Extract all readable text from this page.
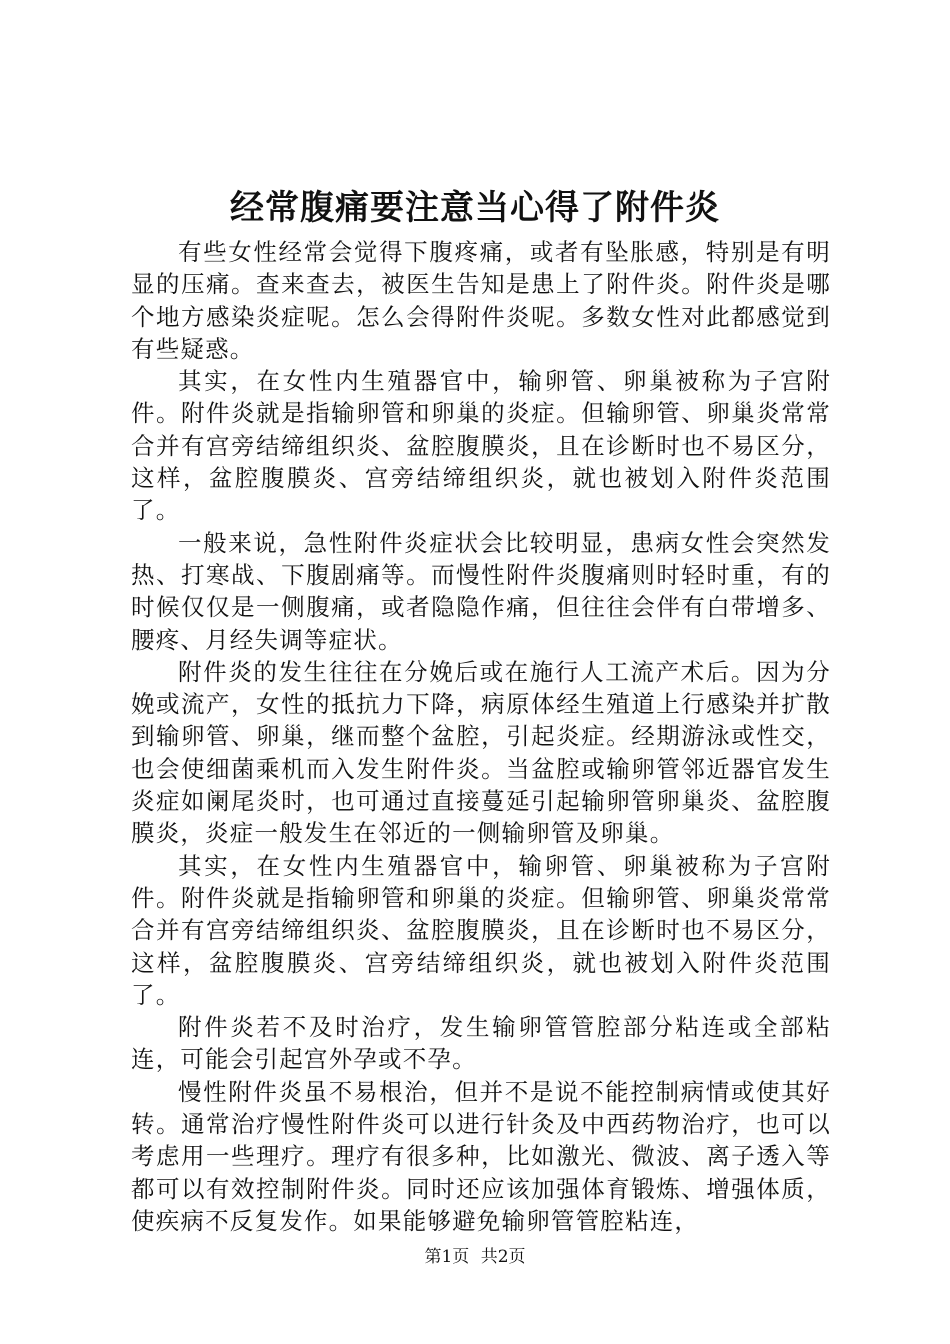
经常腹痛要注意当心得了附件炎

有些女性经常会觉得下腹疼痛，或者有坠胀感，特别是有明显的压痛。查来查去，被医生告知是患上了附件炎。附件炎是哪个地方感染炎症呢。怎么会得附件炎呢。多数女性对此都感觉到有些疑惑。

其实，在女性内生殖器官中，输卵管、卵巢被称为子宫附件。附件炎就是指输卵管和卵巢的炎症。但输卵管、卵巢炎常常合并有宫旁结缔组织炎、盆腔腹膜炎，且在诊断时也不易区分，这样，盆腔腹膜炎、宫旁结缔组织炎，就也被划入附件炎范围了。

一般来说，急性附件炎症状会比较明显，患病女性会突然发热、打寒战、下腹剧痛等。而慢性附件炎腹痛则时轻时重，有的时候仅仅是一侧腹痛，或者隐隐作痛，但往往会伴有白带增多、腰疼、月经失调等症状。

附件炎的发生往往在分娩后或在施行人工流产术后。因为分娩或流产，女性的抵抗力下降，病原体经生殖道上行感染并扩散到输卵管、卵巢，继而整个盆腔，引起炎症。经期游泳或性交，也会使细菌乘机而入发生附件炎。当盆腔或输卵管邻近器官发生炎症如阑尾炎时，也可通过直接蔓延引起输卵管卵巢炎、盆腔腹膜炎，炎症一般发生在邻近的一侧输卵管及卵巢。

其实，在女性内生殖器官中，输卵管、卵巢被称为子宫附件。附件炎就是指输卵管和卵巢的炎症。但输卵管、卵巢炎常常合并有宫旁结缔组织炎、盆腔腹膜炎，且在诊断时也不易区分，这样，盆腔腹膜炎、宫旁结缔组织炎，就也被划入附件炎范围了。

附件炎若不及时治疗，发生输卵管管腔部分粘连或全部粘连，可能会引起宫外孕或不孕。

慢性附件炎虽不易根治，但并不是说不能控制病情或使其好转。通常治疗慢性附件炎可以进行针灸及中西药物治疗，也可以考虑用一些理疗。理疗有很多种，比如激光、微波、离子透入等都可以有效控制附件炎。同时还应该加强体育锻炼、增强体质，使疾病不反复发作。如果能够避免输卵管管腔粘连，

第1页 共2页
